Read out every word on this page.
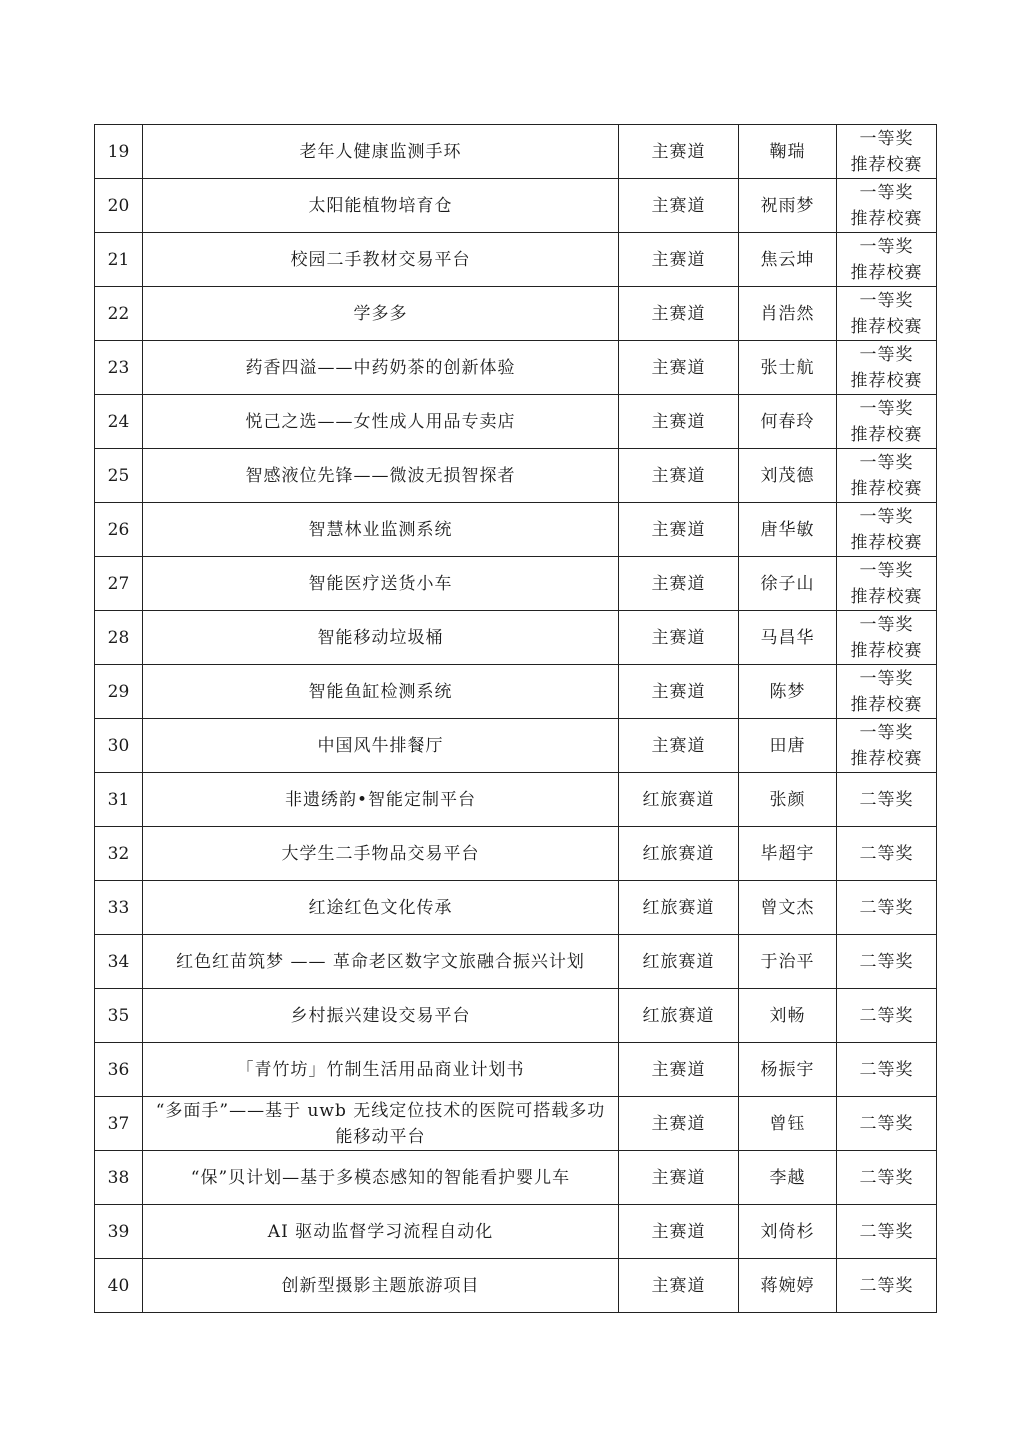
19	老年人健康监测手环	主赛道	鞠瑞	一等奖
推荐校赛

20	太阳能植物培育仓	主赛道	祝雨梦	一等奖
推荐校赛

21	校园二手教材交易平台	主赛道	焦云坤	一等奖
推荐校赛

22	学多多	主赛道	肖浩然	一等奖
推荐校赛

23	药香四溢——中药奶茶的创新体验	主赛道	张士航	一等奖
推荐校赛

24	悦己之选——女性成人用品专卖店	主赛道	何春玲	一等奖
推荐校赛

25	智感液位先锋——微波无损智探者	主赛道	刘茂德	一等奖
推荐校赛

26	智慧林业监测系统	主赛道	唐华敏	一等奖
推荐校赛

27	智能医疗送货小车	主赛道	徐子山	一等奖
推荐校赛

28	智能移动垃圾桶	主赛道	马昌华	一等奖
推荐校赛

29	智能鱼缸检测系统	主赛道	陈梦	一等奖
推荐校赛

30	中国风牛排餐厅	主赛道	田唐	一等奖
推荐校赛

31	非遗绣韵•智能定制平台	红旅赛道	张颜	二等奖

32	大学生二手物品交易平台	红旅赛道	毕超宇	二等奖

33	红途红色文化传承	红旅赛道	曾文杰	二等奖

34	红色红苗筑梦 —— 革命老区数字文旅融合振兴计划	红旅赛道	于治平	二等奖

35	乡村振兴建设交易平台	红旅赛道	刘畅	二等奖

36	「青竹坊」竹制生活用品商业计划书	主赛道	杨振宇	二等奖

37	“多面手”——基于 uwb 无线定位技术的医院可搭载多功能移动平台	主赛道	曾钰	二等奖

38	“保”贝计划—基于多模态感知的智能看护婴儿车	主赛道	李越	二等奖

39	AI 驱动监督学习流程自动化	主赛道	刘倚杉	二等奖

40	创新型摄影主题旅游项目	主赛道	蒋婉婷	二等奖
